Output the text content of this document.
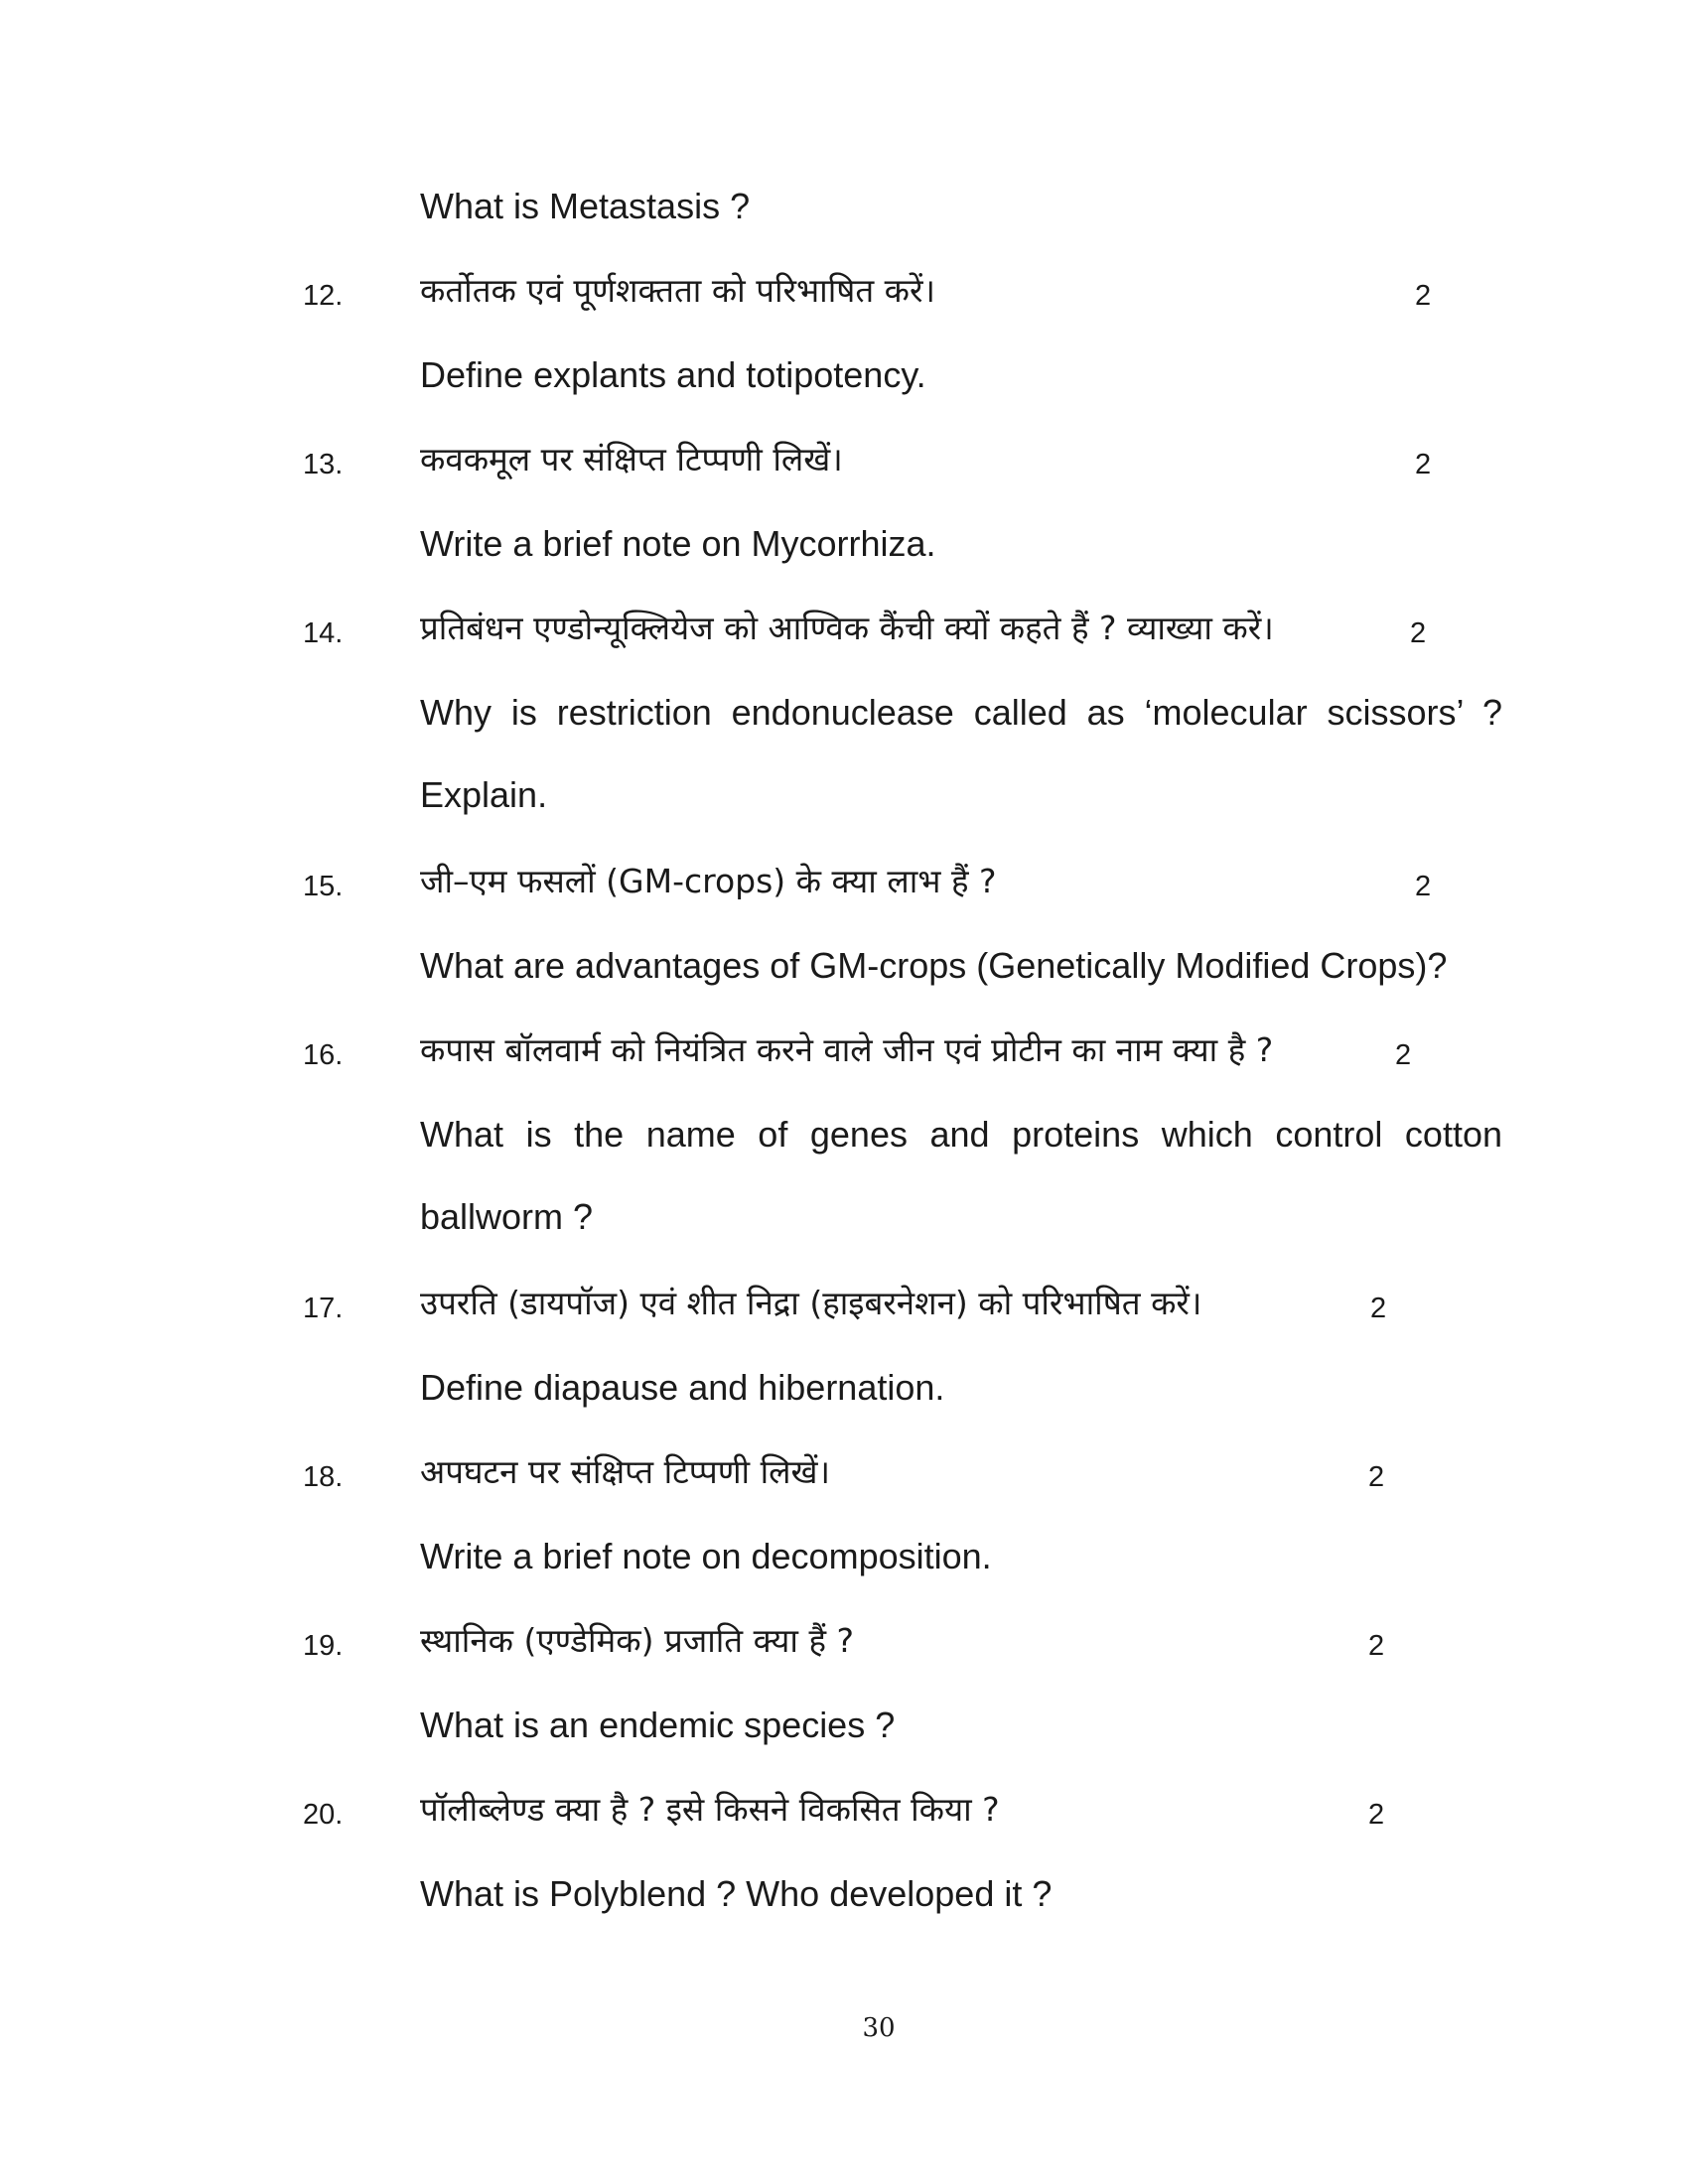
What is Metastasis ?
12. कर्तोतक एवं पूर्णशक्तता को परिभाषित करें।	2
Define explants and totipotency.
13. कवकमूल पर संक्षिप्त टिप्पणी लिखें।	2
Write a brief note on Mycorrhiza.
14. प्रतिबंधन एण्डोन्यूक्लियेज को आण्विक कैंची क्यों कहते हैं ? व्याख्या करें।	2
Why is restriction endonuclease called as ‘molecular scissors’ ?
Explain.
15. जी–एम फसलों (GM-crops) के क्या लाभ हैं ?	2
What are advantages of GM-crops (Genetically Modified Crops)?
16. कपास बॉलवार्म को नियंत्रित करने वाले जीन एवं प्रोटीन का नाम क्या है ?	2
What is the name of genes and proteins which control cotton
ballworm ?
17. उपरति (डायपॉज) एवं शीत निद्रा (हाइबरनेशन) को परिभाषित करें।	2
Define diapause and hibernation.
18. अपघटन पर संक्षिप्त टिप्पणी लिखें।	2
Write a brief note on decomposition.
19. स्थानिक (एण्डेमिक) प्रजाति क्या हैं ?	2
What is an endemic species ?
20. पॉलीब्लेण्ड क्या है ? इसे किसने विकसित किया ?	2
What is Polyblend ? Who developed it ?
30
